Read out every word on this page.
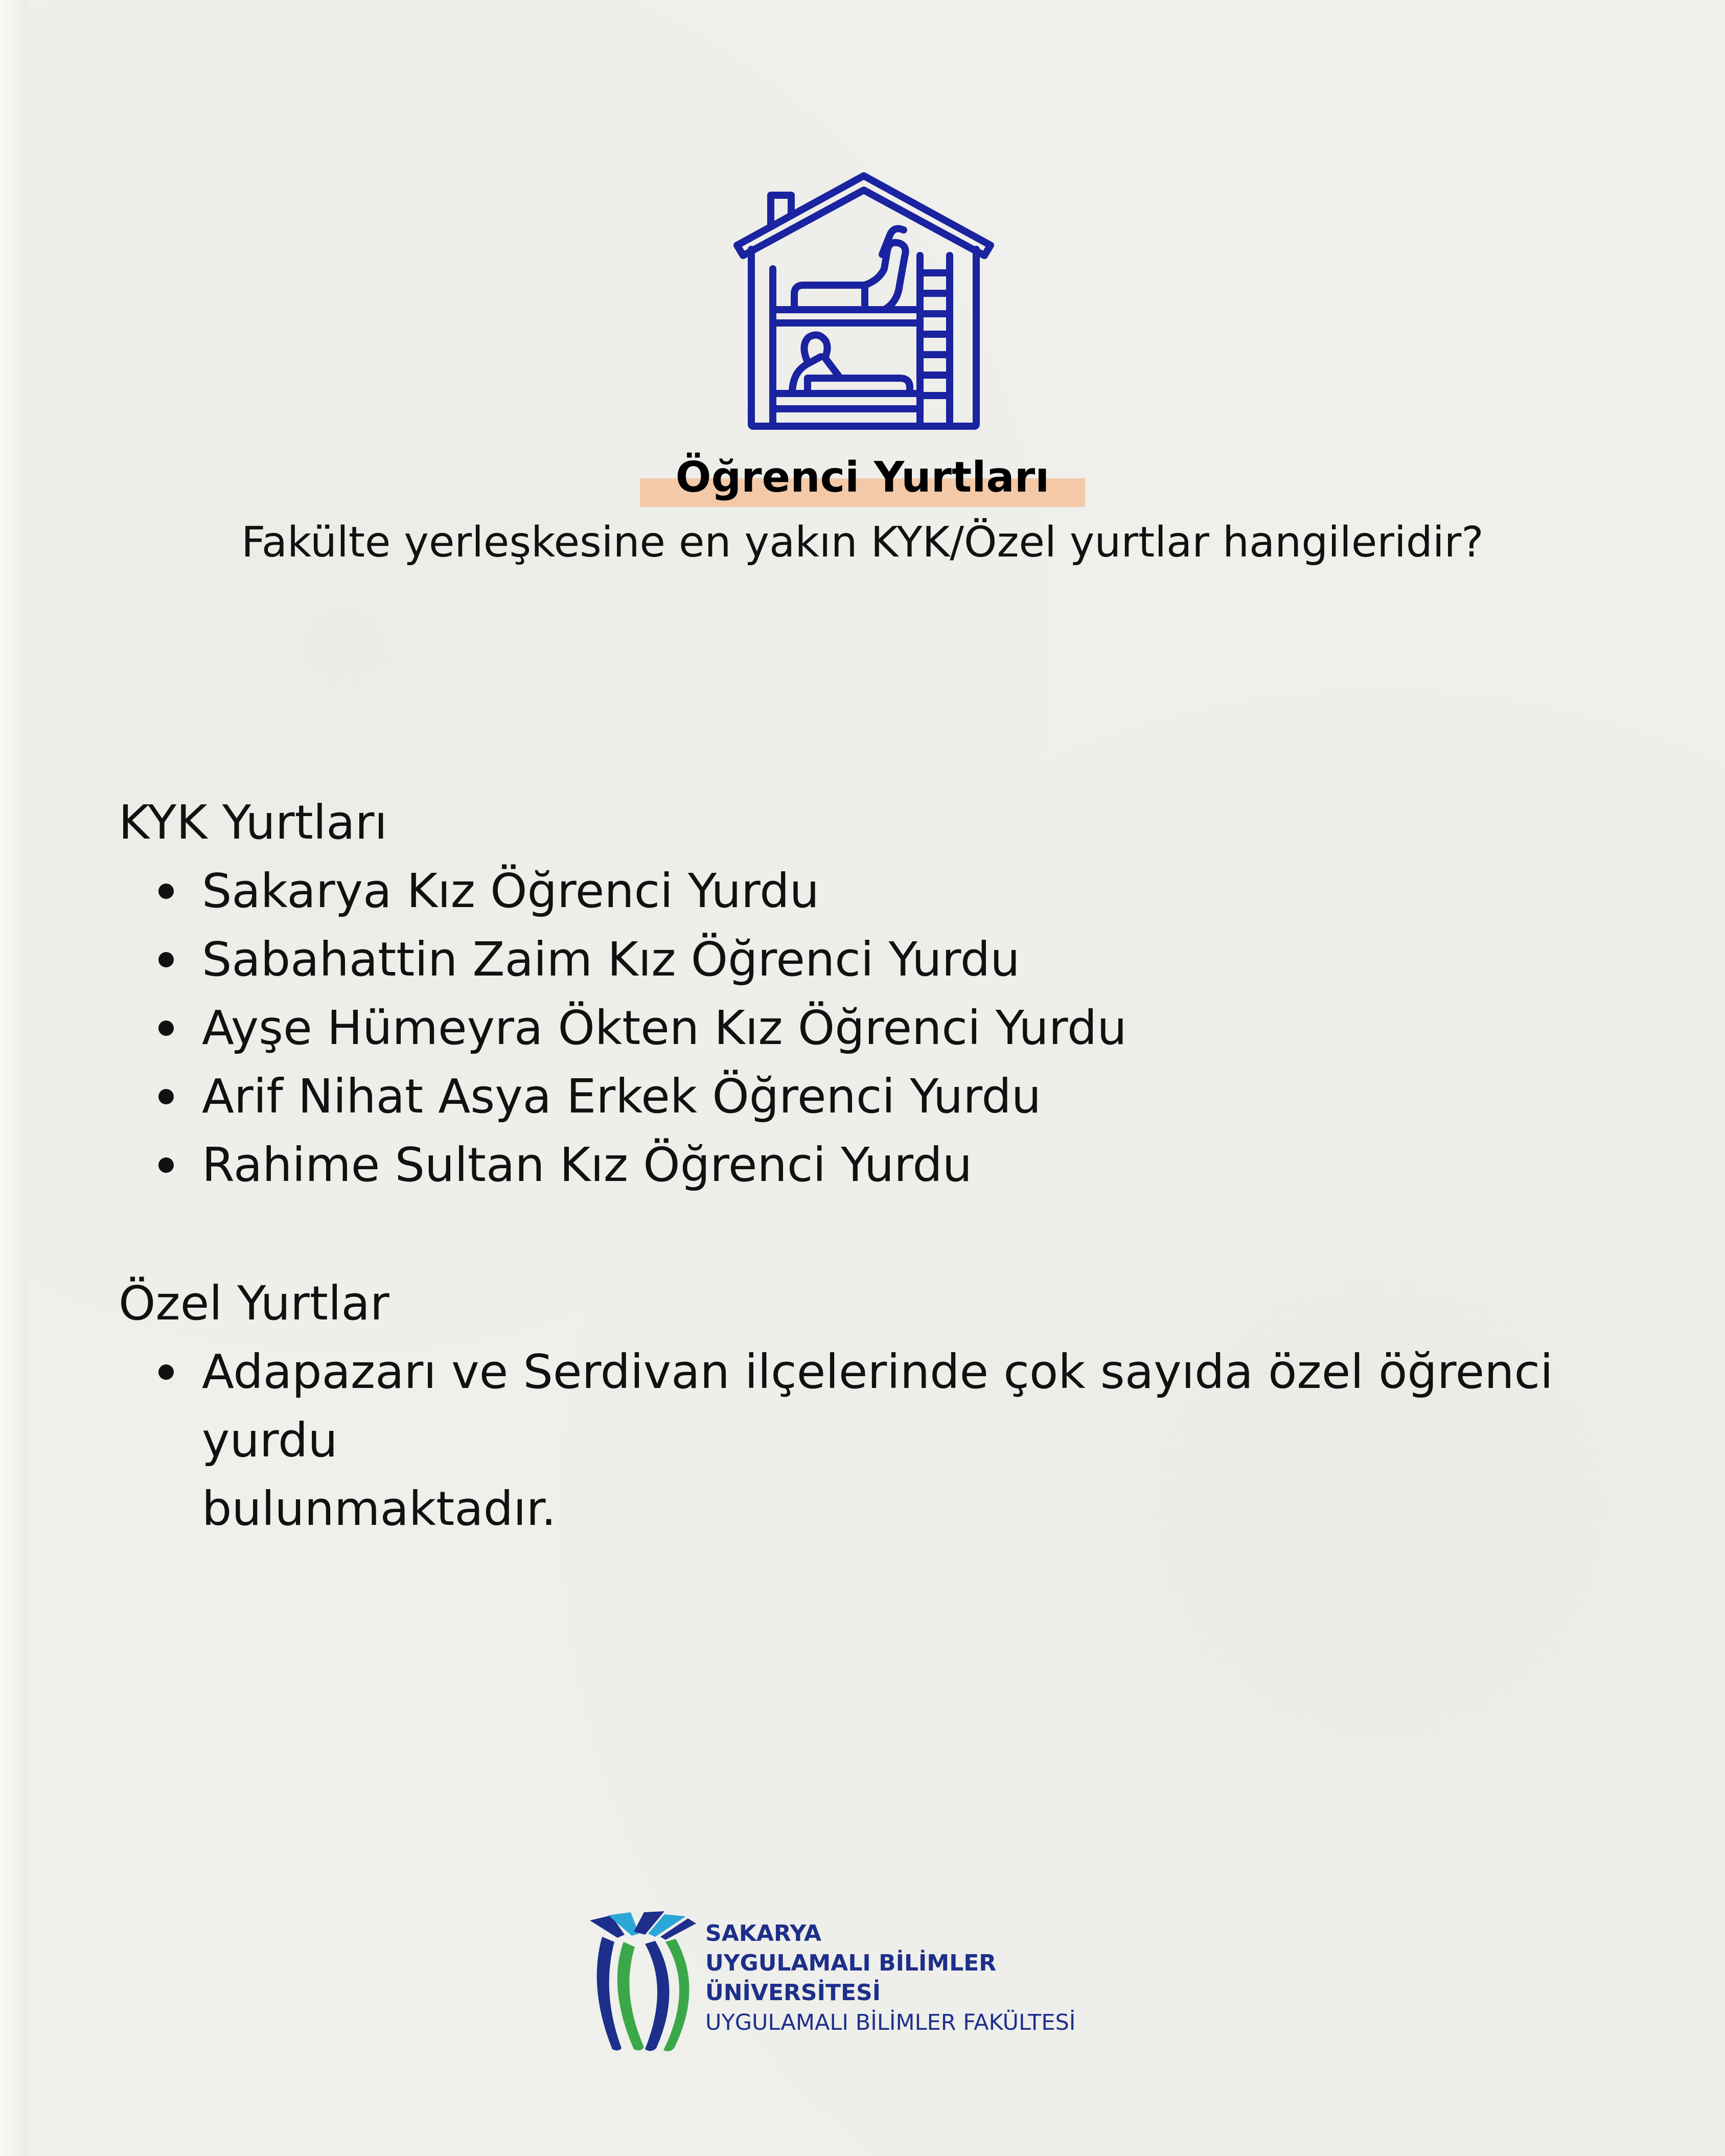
Öğrenci Yurtları
Fakülte yerleşkesine en yakın KYK/Özel yurtlar hangileridir?

KYK Yurtları

Sakarya Kız Öğrenci Yurdu
Sabahattin Zaim Kız Öğrenci Yurdu
Ayşe Hümeyra Ökten Kız Öğrenci Yurdu
Arif Nihat Asya Erkek Öğrenci Yurdu
Rahime Sultan Kız Öğrenci Yurdu

Özel Yurtlar

Adapazarı ve Serdivan ilçelerinde çok sayıda özel öğrenci yurdu
bulunmaktadır.
SAKARYA
UYGULAMALI BİLİMLER
ÜNİVERSİTESİ
UYGULAMALI BİLİMLER FAKÜLTESİ
